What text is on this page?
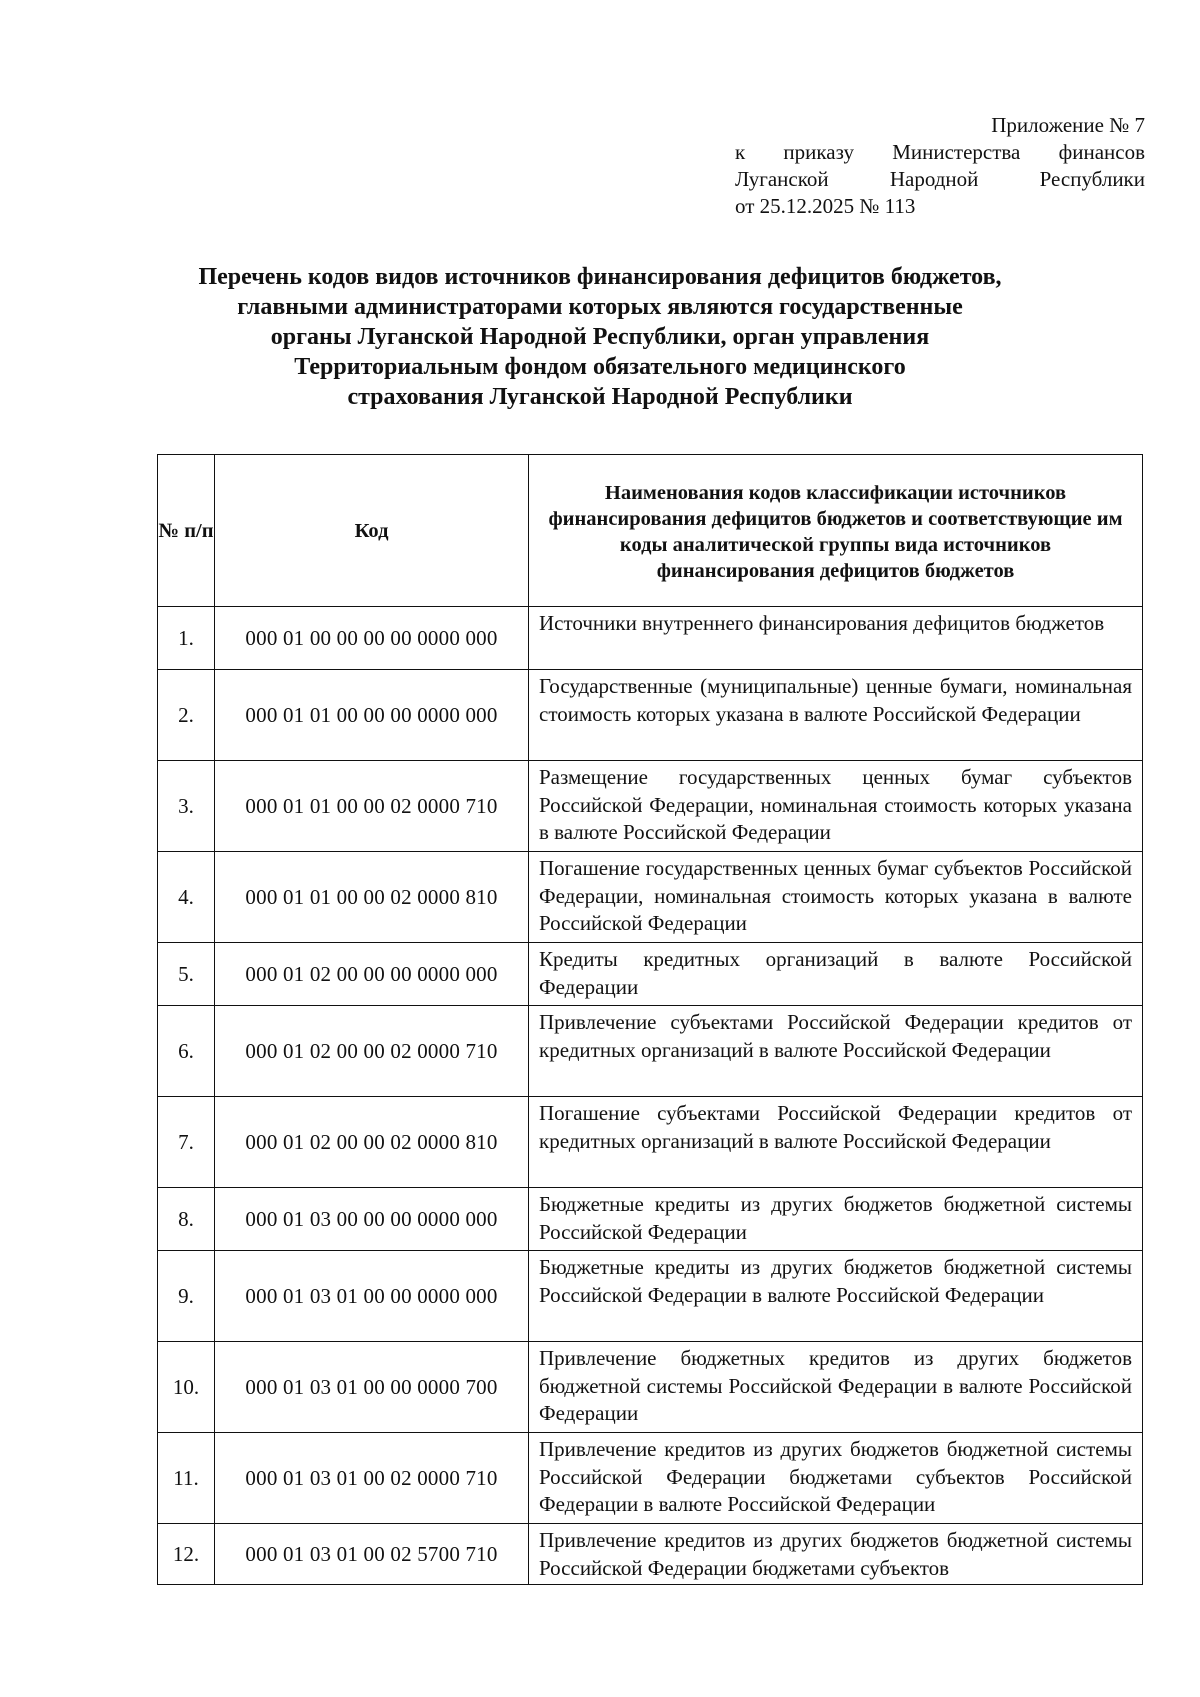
Приложение № 7
к приказу Министерства финансов
Луганской Народной Республики
от 25.12.2025 № 113
Перечень кодов видов источников финансирования дефицитов бюджетов,
главными администраторами которых являются государственные
органы Луганской Народной Республики, орган управления
Территориальным фондом обязательного медицинского
страхования Луганской Народной Республики
№ п/п	Код	Наименования кодов классификации источников финансирования дефицитов бюджетов и соответствующие им коды аналитической группы вида источников финансирования дефицитов бюджетов
1.	000 01 00 00 00 00 0000 000	Источники внутреннего финансирования дефицитов бюджетов
2.	000 01 01 00 00 00 0000 000	Государственные (муниципальные) ценные бумаги, номинальная стоимость которых указана в валюте Российской Федерации
3.	000 01 01 00 00 02 0000 710	Размещение государственных ценных бумаг субъектов Российской Федерации, номинальная стоимость которых указана в валюте Российской Федерации
4.	000 01 01 00 00 02 0000 810	Погашение государственных ценных бумаг субъектов Российской Федерации, номинальная стоимость которых указана в валюте Российской Федерации
5.	000 01 02 00 00 00 0000 000	Кредиты кредитных организаций в валюте Российской Федерации
6.	000 01 02 00 00 02 0000 710	Привлечение субъектами Российской Федерации кредитов от кредитных организаций в валюте Российской Федерации
7.	000 01 02 00 00 02 0000 810	Погашение субъектами Российской Федерации кредитов от кредитных организаций в валюте Российской Федерации
8.	000 01 03 00 00 00 0000 000	Бюджетные кредиты из других бюджетов бюджетной системы Российской Федерации
9.	000 01 03 01 00 00 0000 000	Бюджетные кредиты из других бюджетов бюджетной системы Российской Федерации в валюте Российской Федерации
10.	000 01 03 01 00 00 0000 700	Привлечение бюджетных кредитов из других бюджетов бюджетной системы Российской Федерации в валюте Российской Федерации
11.	000 01 03 01 00 02 0000 710	Привлечение кредитов из других бюджетов бюджетной системы Российской Федерации бюджетами субъектов Российской Федерации в валюте Российской Федерации
12.	000 01 03 01 00 02 5700 710	Привлечение кредитов из других бюджетов бюджетной системы Российской Федерации бюджетами субъектов
